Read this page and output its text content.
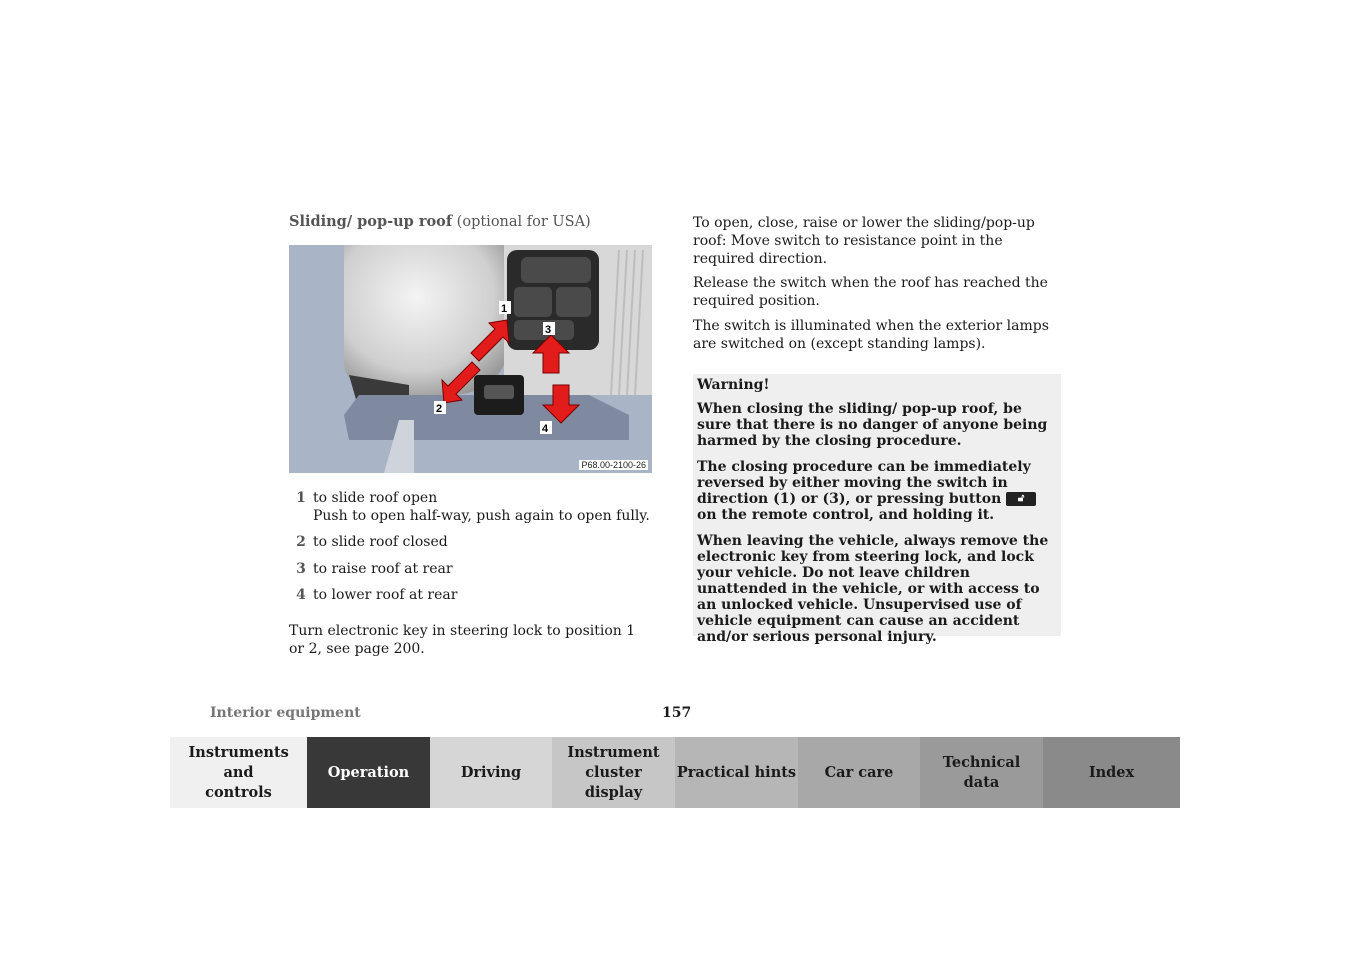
Sliding/ pop-up roof (optional for USA)
1
3
2
4
P68.00-2100-26
1 to slide roof open
Push to open half-way, push again to open fully.
2 to slide roof closed
3 to raise roof at rear
4 to lower roof at rear
Turn electronic key in steering lock to position 1 or 2, see page 200.
To open, close, raise or lower the sliding/pop-up roof: Move switch to resistance point in the required direction.
Release the switch when the roof has reached the required position.
The switch is illuminated when the exterior lamps are switched on (except standing lamps).

Warning!

When closing the sliding/ pop-up roof, be sure that there is no danger of anyone being harmed by the closing procedure.

The closing procedure can be immediately reversed by either moving the switch in direction (1) or (3), or pressing button 🔓︎ on the remote control, and holding it.

When leaving the vehicle, always remove the electronic key from steering lock, and lock your vehicle. Do not leave children unattended in the vehicle, or with access to an unlocked vehicle. Unsupervised use of vehicle equipment can cause an accident and/or serious personal injury.

Interior equipment	157
Instruments and controls
Operation	Driving
Instrument cluster display
Practical hints Car care
Technical data
Index
